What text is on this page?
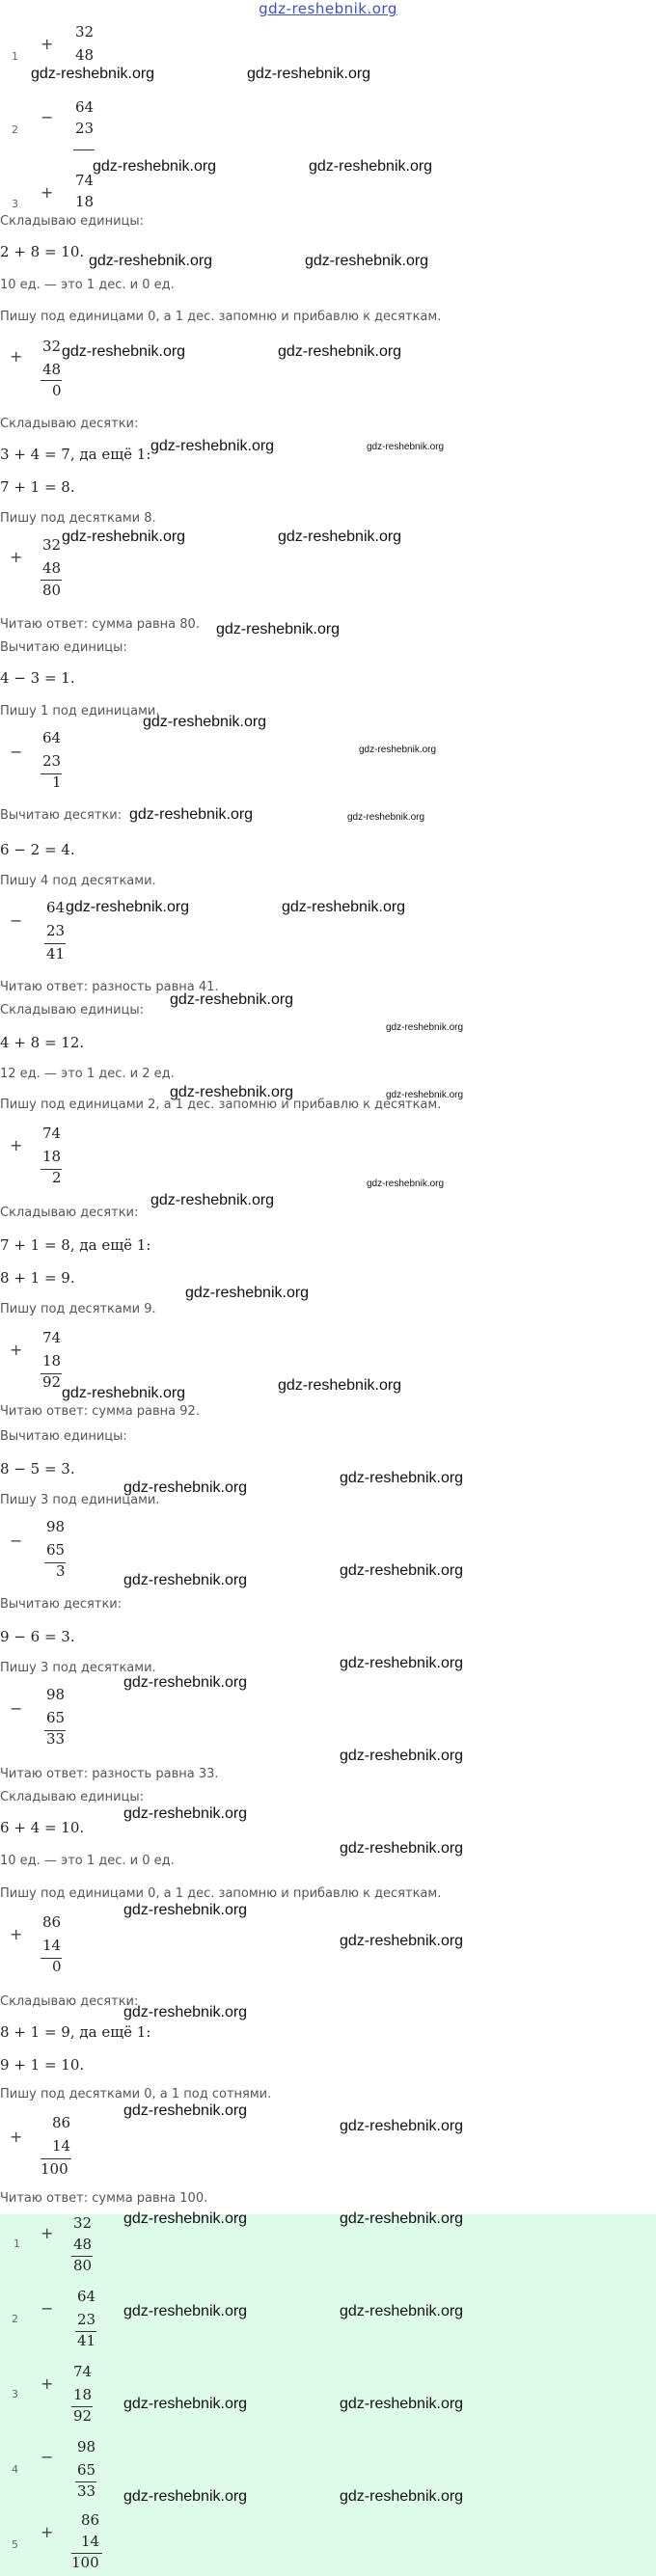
gdz-reshebnik.org
1
+
32
48
2
−
64
23
3
+
74
18
Складываю единицы:
2 + 8 = 10.
10 ед. — это 1 дес. и 0 ед.
Пишу под единицами 0, а 1 дес. запомню и прибавлю к десяткам.
+
32
48
0
Складываю десятки:
3 + 4 = 7, да ещё 1:
7 + 1 = 8.
Пишу под десятками 8.
+
32
48
80
Читаю ответ: сумма равна 80.
Вычитаю единицы:
4 − 3 = 1.
Пишу 1 под единицами.
−
64
23
1
Вычитаю десятки:
6 − 2 = 4.
Пишу 4 под десятками.
−
64
23
41
Читаю ответ: разность равна 41.
Складываю единицы:
4 + 8 = 12.
12 ед. — это 1 дес. и 2 ед.
Пишу под единицами 2, а 1 дес. запомню и прибавлю к десяткам.
+
74
18
2
Складываю десятки:
7 + 1 = 8, да ещё 1:
8 + 1 = 9.
Пишу под десятками 9.
+
74
18
92
Читаю ответ: сумма равна 92.
Вычитаю единицы:
8 − 5 = 3.
Пишу 3 под единицами.
−
98
65
3
Вычитаю десятки:
9 − 6 = 3.
Пишу 3 под десятками.
−
98
65
33
Читаю ответ: разность равна 33.
Складываю единицы:
6 + 4 = 10.
10 ед. — это 1 дес. и 0 ед.
Пишу под единицами 0, а 1 дес. запомню и прибавлю к десяткам.
+
86
14
0
Складываю десятки:
8 + 1 = 9, да ещё 1:
9 + 1 = 10.
Пишу под десятками 0, а 1 под сотнями.
+
86
14
100
Читаю ответ: сумма равна 100.
1
+
32
48
80
2
−
64
23
41
3
+
74
18
92
4
−
98
65
33
5
+
86
14
100
gdz-reshebnik.org	gdz-reshebnik.org
gdz-reshebnik.org	gdz-reshebnik.org
gdz-reshebnik.org	gdz-reshebnik.org
gdz-reshebnik.org	gdz-reshebnik.org
gdz-reshebnik.org	gdz-reshebnik.org
gdz-reshebnik.org	gdz-reshebnik.org
gdz-reshebnik.org
gdz-reshebnik.org
gdz-reshebnik.org
gdz-reshebnik.org	gdz-reshebnik.org
gdz-reshebnik.org	gdz-reshebnik.org
gdz-reshebnik.org
gdz-reshebnik.org
gdz-reshebnik.org	gdz-reshebnik.org
gdz-reshebnik.org
gdz-reshebnik.org
gdz-reshebnik.org
gdz-reshebnik.org	gdz-reshebnik.org
gdz-reshebnik.org
gdz-reshebnik.org
gdz-reshebnik.org
gdz-reshebnik.org
gdz-reshebnik.org
gdz-reshebnik.org
gdz-reshebnik.org
gdz-reshebnik.org
gdz-reshebnik.org
gdz-reshebnik.org
gdz-reshebnik.org
gdz-reshebnik.org
gdz-reshebnik.org
gdz-reshebnik.org
gdz-reshebnik.org	gdz-reshebnik.org
gdz-reshebnik.org	gdz-reshebnik.org
gdz-reshebnik.org	gdz-reshebnik.org
gdz-reshebnik.org	gdz-reshebnik.org
